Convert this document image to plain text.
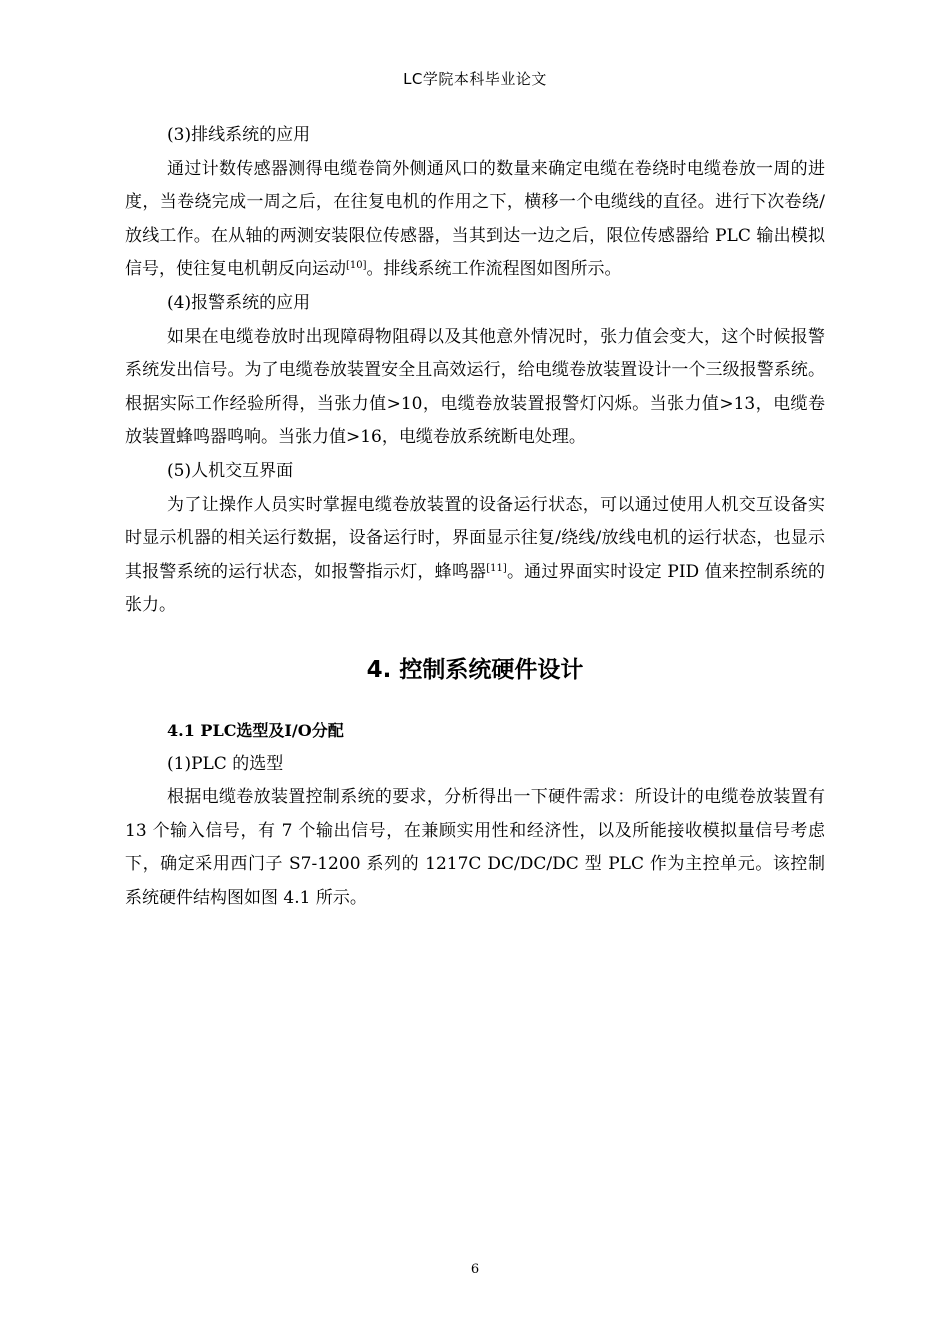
LC学院本科毕业论文

(3)排线系统的应用

通过计数传感器测得电缆卷筒外侧通风口的数量来确定电缆在卷绕时电缆卷放一周的进度，当卷绕完成一周之后，在往复电机的作用之下，横移一个电缆线的直径。进行下次卷绕/放线工作。在从轴的两测安装限位传感器，当其到达一边之后，限位传感器给 PLC 输出模拟信号，使往复电机朝反向运动[10]。排线系统工作流程图如图所示。

(4)报警系统的应用

如果在电缆卷放时出现障碍物阻碍以及其他意外情况时，张力值会变大，这个时候报警系统发出信号。为了电缆卷放装置安全且高效运行，给电缆卷放装置设计一个三级报警系统。根据实际工作经验所得，当张力值>10，电缆卷放装置报警灯闪烁。当张力值>13，电缆卷放装置蜂鸣器鸣响。当张力值>16，电缆卷放系统断电处理。

(5)人机交互界面

为了让操作人员实时掌握电缆卷放装置的设备运行状态，可以通过使用人机交互设备实时显示机器的相关运行数据，设备运行时，界面显示往复/绕线/放线电机的运行状态，也显示其报警系统的运行状态，如报警指示灯，蜂鸣器[11]。通过界面实时设定 PID 值来控制系统的张力。

4. 控制系统硬件设计

4.1 PLC选型及I/O分配

(1)PLC 的选型

根据电缆卷放装置控制系统的要求，分析得出一下硬件需求：所设计的电缆卷放装置有 13 个输入信号，有 7 个输出信号，在兼顾实用性和经济性，以及所能接收模拟量信号考虑下，确定采用西门子 S7-1200 系列的 1217C DC/DC/DC 型 PLC 作为主控单元。该控制系统硬件结构图如图 4.1 所示。

6
